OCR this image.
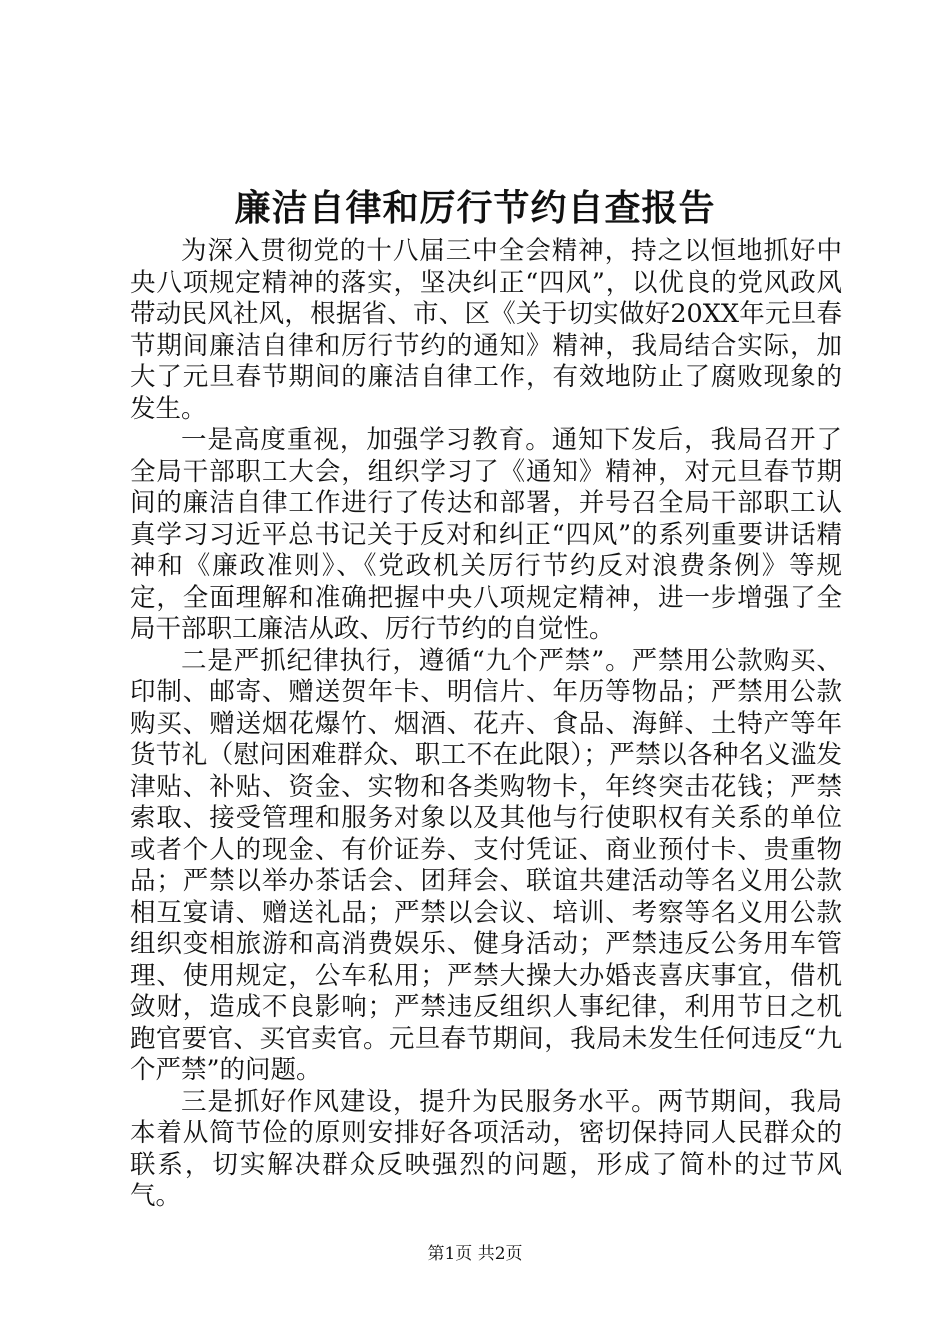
廉洁自律和厉行节约自查报告

为深入贯彻党的十八届三中全会精神，持之以恒地抓好中央八项规定精神的落实，坚决纠正“四风”，以优良的党风政风带动民风社风，根据省、市、区《关于切实做好20XX年元旦春节期间廉洁自律和厉行节约的通知》精神，我局结合实际，加大了元旦春节期间的廉洁自律工作，有效地防止了腐败现象的发生。

一是高度重视，加强学习教育。通知下发后，我局召开了全局干部职工大会，组织学习了《通知》精神，对元旦春节期间的廉洁自律工作进行了传达和部署，并号召全局干部职工认真学习习近平总书记关于反对和纠正“四风”的系列重要讲话精神和《廉政准则》、《党政机关厉行节约反对浪费条例》等规定，全面理解和准确把握中央八项规定精神，进一步增强了全局干部职工廉洁从政、厉行节约的自觉性。

二是严抓纪律执行，遵循“九个严禁”。严禁用公款购买、印制、邮寄、赠送贺年卡、明信片、年历等物品；严禁用公款购买、赠送烟花爆竹、烟酒、花卉、食品、海鲜、土特产等年货节礼（慰问困难群众、职工不在此限）；严禁以各种名义滥发津贴、补贴、资金、实物和各类购物卡，年终突击花钱；严禁索取、接受管理和服务对象以及其他与行使职权有关系的单位或者个人的现金、有价证券、支付凭证、商业预付卡、贵重物品；严禁以举办茶话会、团拜会、联谊共建活动等名义用公款相互宴请、赠送礼品；严禁以会议、培训、考察等名义用公款组织变相旅游和高消费娱乐、健身活动；严禁违反公务用车管理、使用规定，公车私用；严禁大操大办婚丧喜庆事宜，借机敛财，造成不良影响；严禁违反组织人事纪律，利用节日之机跑官要官、买官卖官。元旦春节期间，我局未发生任何违反“九个严禁”的问题。

三是抓好作风建设，提升为民服务水平。两节期间，我局本着从简节俭的原则安排好各项活动，密切保持同人民群众的联系，切实解决群众反映强烈的问题，形成了简朴的过节风气。

第1页 共2页
